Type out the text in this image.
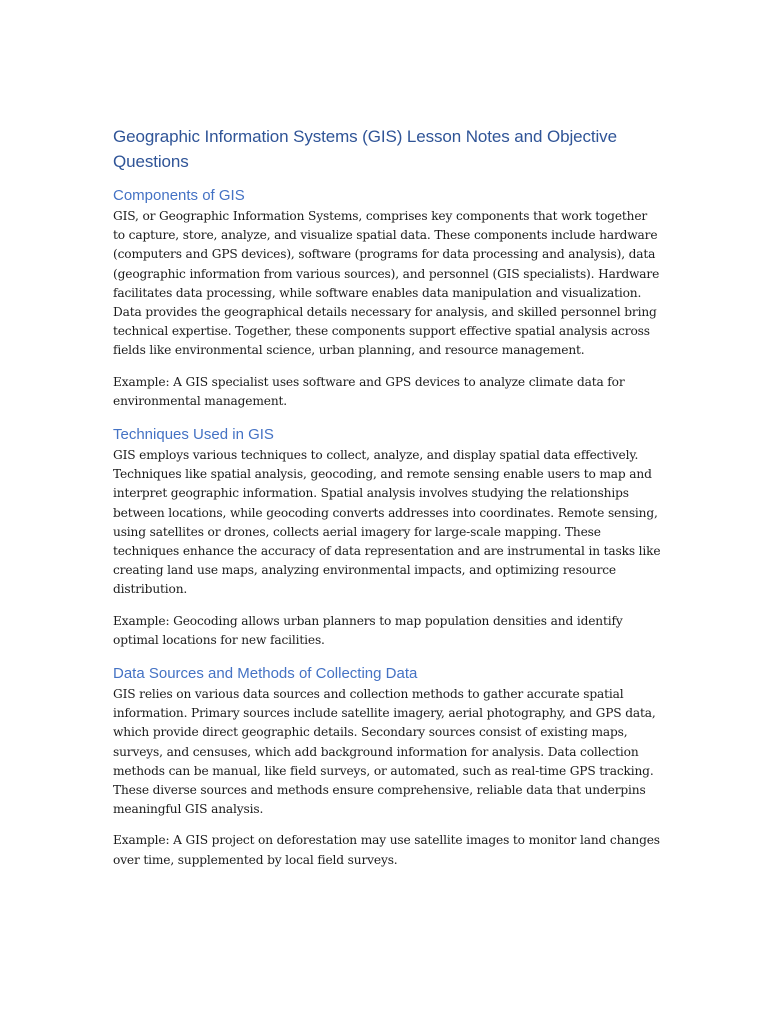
Geographic Information Systems (GIS) Lesson Notes and Objective Questions
Components of GIS

GIS, or Geographic Information Systems, comprises key components that work together to capture, store, analyze, and visualize spatial data. These components include hardware (computers and GPS devices), software (programs for data processing and analysis), data (geographic information from various sources), and personnel (GIS specialists). Hardware facilitates data processing, while software enables data manipulation and visualization. Data provides the geographical details necessary for analysis, and skilled personnel bring technical expertise. Together, these components support effective spatial analysis across fields like environmental science, urban planning, and resource management.

Example: A GIS specialist uses software and GPS devices to analyze climate data for environmental management.

Techniques Used in GIS

GIS employs various techniques to collect, analyze, and display spatial data effectively. Techniques like spatial analysis, geocoding, and remote sensing enable users to map and interpret geographic information. Spatial analysis involves studying the relationships between locations, while geocoding converts addresses into coordinates. Remote sensing, using satellites or drones, collects aerial imagery for large-scale mapping. These techniques enhance the accuracy of data representation and are instrumental in tasks like creating land use maps, analyzing environmental impacts, and optimizing resource distribution.

Example: Geocoding allows urban planners to map population densities and identify optimal locations for new facilities.

Data Sources and Methods of Collecting Data

GIS relies on various data sources and collection methods to gather accurate spatial information. Primary sources include satellite imagery, aerial photography, and GPS data, which provide direct geographic details. Secondary sources consist of existing maps, surveys, and censuses, which add background information for analysis. Data collection methods can be manual, like field surveys, or automated, such as real-time GPS tracking. These diverse sources and methods ensure comprehensive, reliable data that underpins meaningful GIS analysis.

Example: A GIS project on deforestation may use satellite images to monitor land changes over time, supplemented by local field surveys.
